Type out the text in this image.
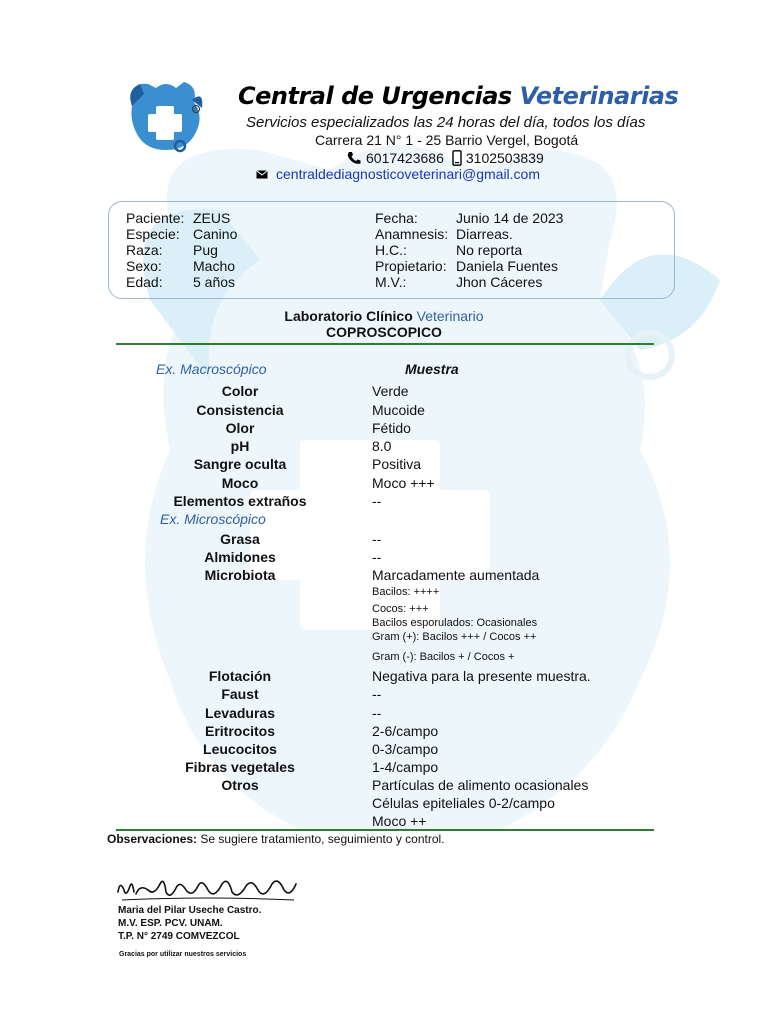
R Central de Urgencias Veterinarias
Servicios especializados las 24 horas del día, todos los días
Carrera 21 N° 1 - 25 Barrio Vergel, Bogotá
6017423686 3102503839
centraldediagnosticoveterinari@gmail.com
Paciente: ZEUS
Especie: Canino
Raza: Pug
Sexo: Macho
Edad: 5 años
Fecha:	Junio 14 de 2023
Anamnesis: Diarreas.
H.C.:	No reporta
Propietario: Daniela Fuentes
M.V.:	Jhon Cáceres
Laboratorio Clínico Veterinario
COPROSCOPICO
Ex. Macroscópico	Muestra
Color	Verde
Consistencia	Mucoide
Olor	Fétido
pH	8.0
Sangre oculta	Positiva
Moco	Moco +++
Elementos extraños	--
Ex. Microscópico
Grasa	--
Almidones	--
Microbiota	Marcadamente aumentada
Bacilos: ++++
Cocos: +++
Bacilos esporulados: Ocasionales
Gram (+): Bacilos +++ / Cocos ++
Gram (-): Bacilos + / Cocos +
Flotación	Negativa para la presente muestra.
Faust	--
Levaduras	--
Eritrocitos	2-6/campo
Leucocitos	0-3/campo
Fibras vegetales	1-4/campo
Otros	Partículas de alimento ocasionales
Células epiteliales 0-2/campo
Moco ++
Observaciones: Se sugiere tratamiento, seguimiento y control.
Maria del Pilar Useche Castro.
M.V. ESP. PCV. UNAM.
T.P. N° 2749 COMVEZCOL
Gracias por utilizar nuestros servicios
